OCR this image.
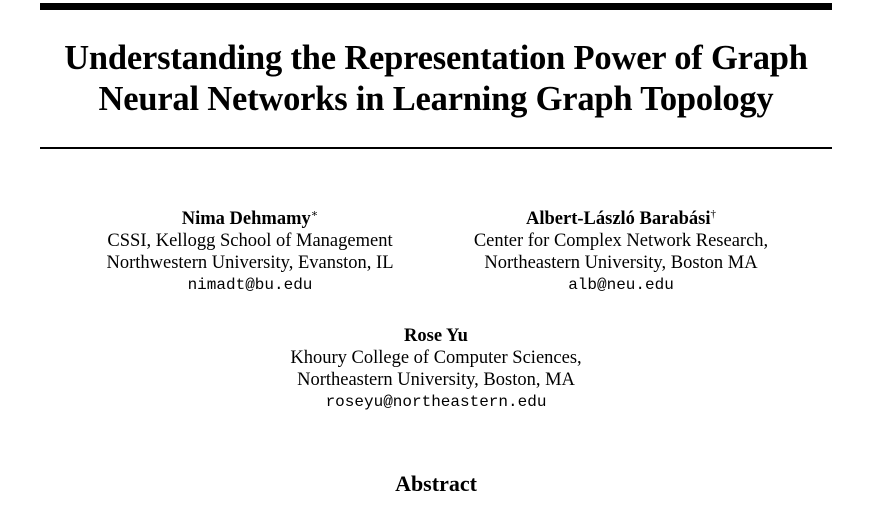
Understanding the Representation Power of Graph
Neural Networks in Learning Graph Topology
Nima Dehmamy∗
CSSI, Kellogg School of Management
Northwestern University, Evanston, IL
nimadt@bu.edu
Albert-László Barabási†
Center for Complex Network Research,
Northeastern University, Boston MA
alb@neu.edu
Rose Yu
Khoury College of Computer Sciences,
Northeastern University, Boston, MA
roseyu@northeastern.edu
Abstract
